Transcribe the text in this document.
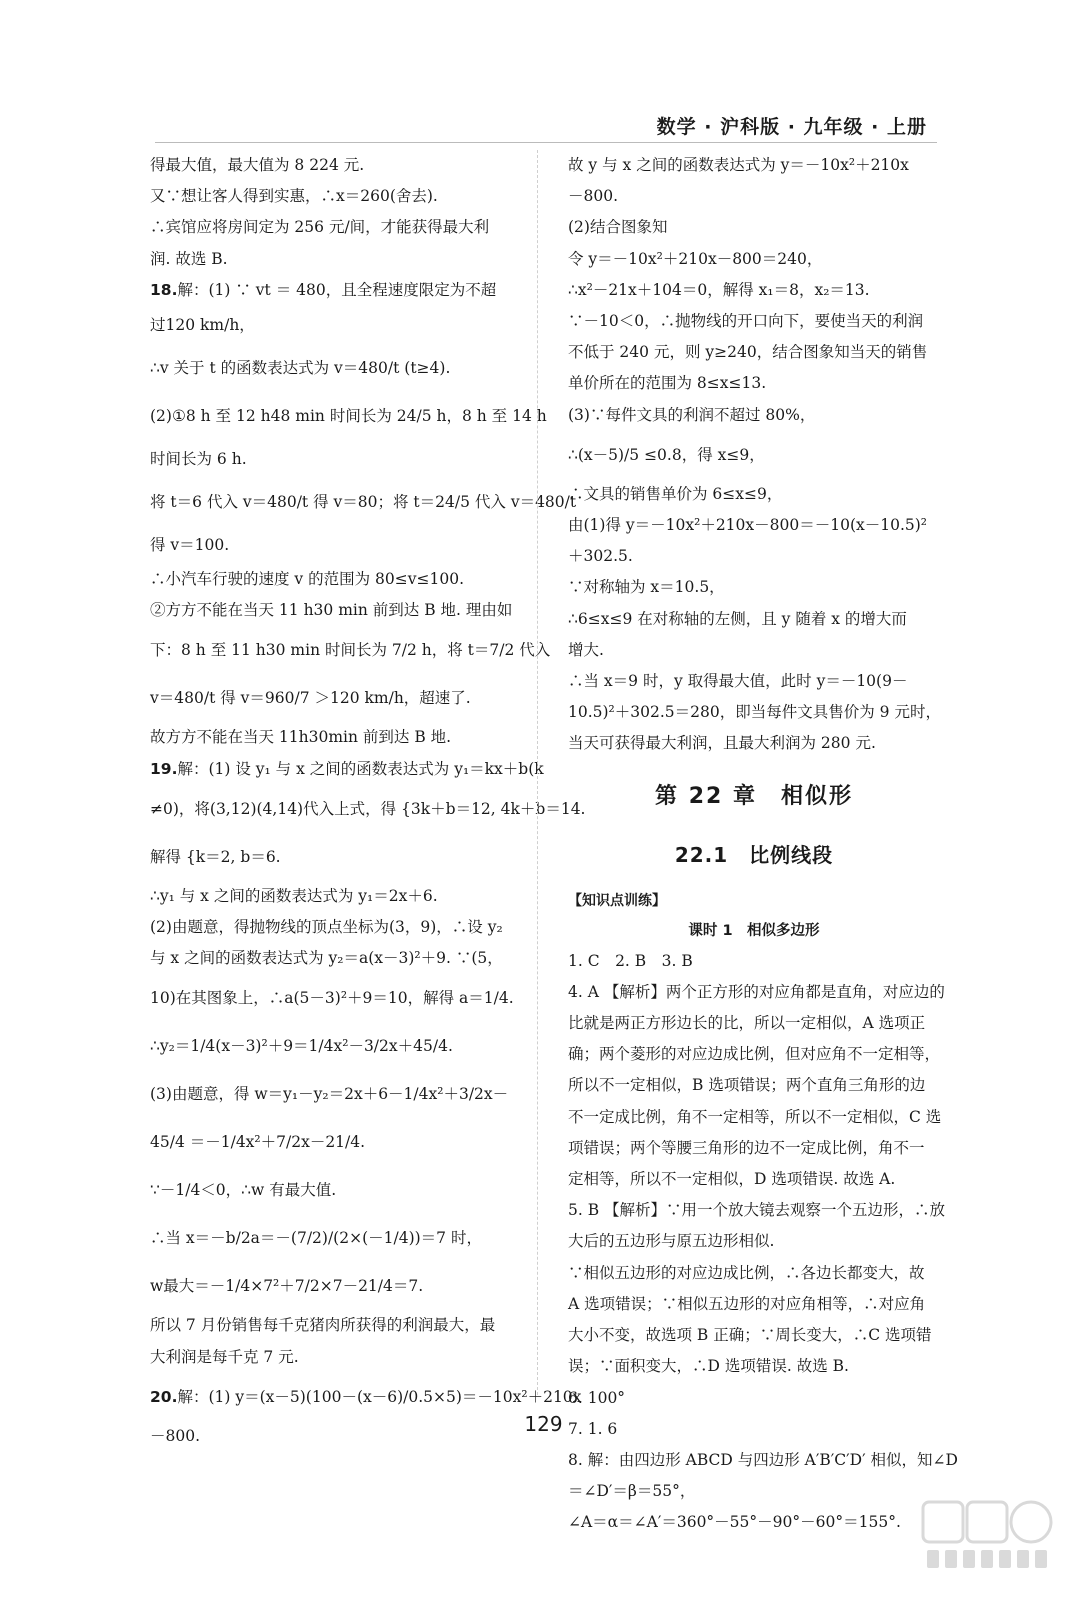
数学 · 沪科版 · 九年级 · 上册
得最大值，最大值为 8 224 元.
又∵想让客人得到实惠，∴x＝260(舍去).
∴宾馆应将房间定为 256 元/间，才能获得最大利
润. 故选 B.
18.解：(1) ∵ vt ＝ 480，且全程速度限定为不超
过120 km/h，
∴v 关于 t 的函数表达式为 v＝480/t (t≥4).
(2)①8 h 至 12 h48 min 时间长为 24/5 h，8 h 至 14 h
时间长为 6 h.
将 t＝6 代入 v＝480/t 得 v＝80；将 t＝24/5 代入 v＝480/t
得 v＝100.
∴小汽车行驶的速度 v 的范围为 80≤v≤100.
②方方不能在当天 11 h30 min 前到达 B 地. 理由如
下：8 h 至 11 h30 min 时间长为 7/2 h，将 t＝7/2 代入
v＝480/t 得 v＝960/7 ＞120 km/h，超速了.
故方方不能在当天 11h30min 前到达 B 地.
19.解：(1) 设 y₁ 与 x 之间的函数表达式为 y₁＝kx＋b(k
≠0)，将(3,12)(4,14)代入上式，得 {3k＋b＝12, 4k＋b＝14.
解得 {k＝2, b＝6.
∴y₁ 与 x 之间的函数表达式为 y₁＝2x＋6.
(2)由题意，得抛物线的顶点坐标为(3，9)，∴设 y₂
与 x 之间的函数表达式为 y₂＝a(x－3)²＋9. ∵(5，
10)在其图象上，∴a(5－3)²＋9＝10，解得 a＝1/4.
∴y₂＝1/4(x－3)²＋9＝1/4x²－3/2x＋45/4.
(3)由题意，得 w＝y₁－y₂＝2x＋6－1/4x²＋3/2x－
45/4 ＝－1/4x²＋7/2x－21/4.
∵－1/4＜0，∴w 有最大值.
∴当 x＝－b/2a＝－(7/2)/(2×(－1/4))＝7 时，
w最大＝－1/4×7²＋7/2×7－21/4＝7.
所以 7 月份销售每千克猪肉所获得的利润最大，最
大利润是每千克 7 元.
20.解：(1) y＝(x－5)(100－(x－6)/0.5×5)＝－10x²＋210x
－800.
故 y 与 x 之间的函数表达式为 y＝－10x²＋210x
－800.
(2)结合图象知
令 y＝－10x²＋210x－800＝240，
∴x²－21x＋104＝0，解得 x₁＝8，x₂＝13.
∵－10＜0，∴抛物线的开口向下，要使当天的利润
不低于 240 元，则 y≥240，结合图象知当天的销售
单价所在的范围为 8≤x≤13.
(3)∵每件文具的利润不超过 80%，
∴(x－5)/5 ≤0.8，得 x≤9，
∴文具的销售单价为 6≤x≤9，
由(1)得 y＝－10x²＋210x－800＝－10(x－10.5)²
＋302.5.
∵对称轴为 x＝10.5，
∴6≤x≤9 在对称轴的左侧，且 y 随着 x 的增大而
增大.
∴当 x＝9 时，y 取得最大值，此时 y＝－10(9－
10.5)²＋302.5＝280，即当每件文具售价为 9 元时，
当天可获得最大利润，且最大利润为 280 元.
第 22 章　相似形
22.1　比例线段
【知识点训练】
课时 1　相似多边形
1. C　2. B　3. B
4. A 【解析】两个正方形的对应角都是直角，对应边的
比就是两正方形边长的比，所以一定相似，A 选项正
确；两个菱形的对应边成比例，但对应角不一定相等，
所以不一定相似，B 选项错误；两个直角三角形的边
不一定成比例，角不一定相等，所以不一定相似，C 选
项错误；两个等腰三角形的边不一定成比例，角不一
定相等，所以不一定相似，D 选项错误. 故选 A.
5. B 【解析】∵用一个放大镜去观察一个五边形，∴放
大后的五边形与原五边形相似.
∵相似五边形的对应边成比例，∴各边长都变大，故
A 选项错误；∵相似五边形的对应角相等，∴对应角
大小不变，故选项 B 正确；∵周长变大，∴C 选项错
误；∵面积变大，∴D 选项错误. 故选 B.
6. 100°
7. 1. 6
8. 解：由四边形 ABCD 与四边形 A′B′C′D′ 相似，知∠D
＝∠D′＝β＝55°，
∠A＝α＝∠A′＝360°－55°－90°－60°＝155°.
129
